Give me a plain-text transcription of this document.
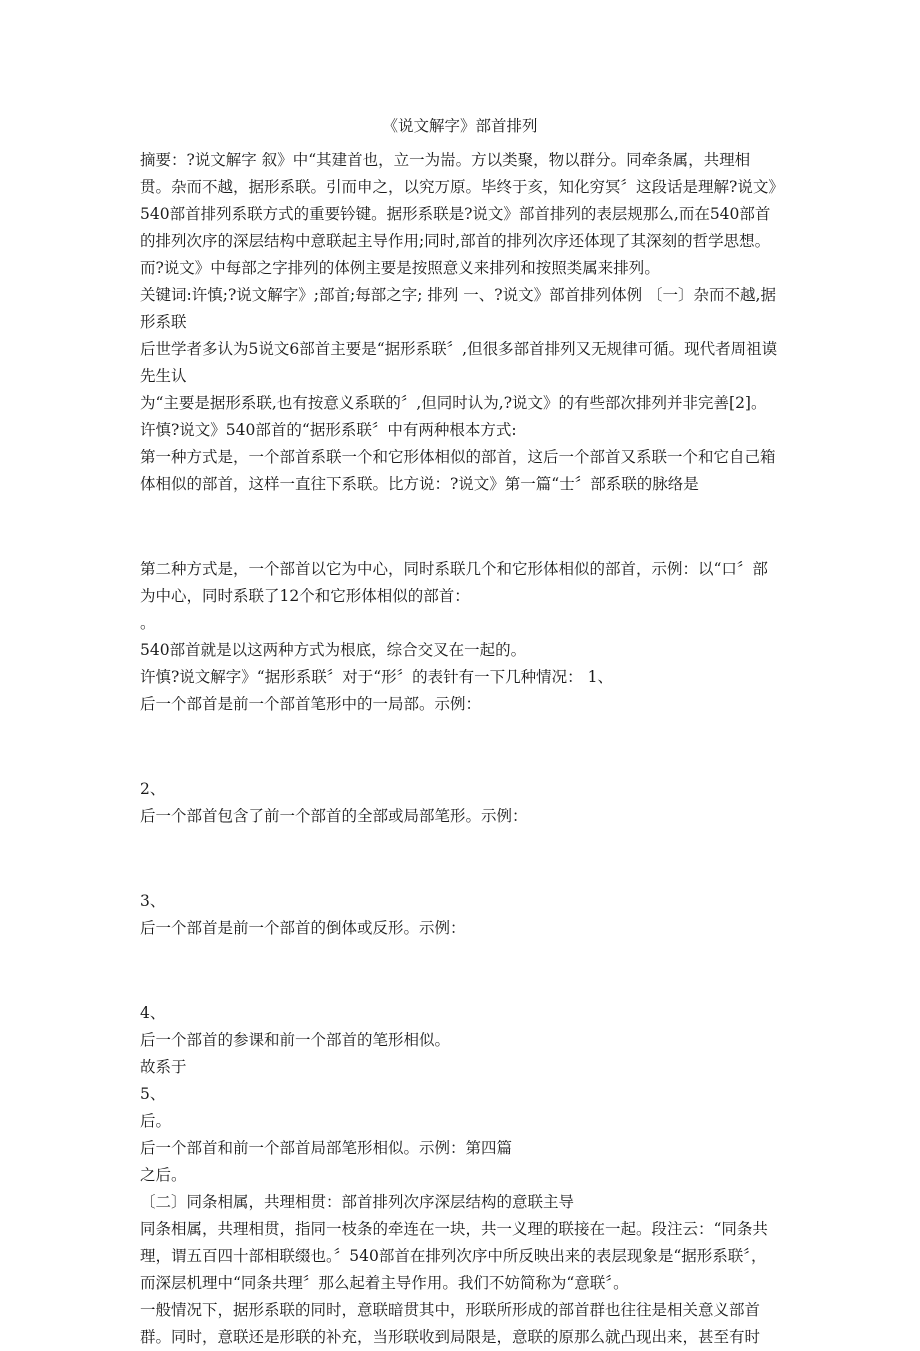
《说文解字》部首排列

摘要：?说文解字 叙》中“其建首也，立一为耑。方以类聚，物以群分。同牵条属，共理相贯。杂而不越，据形系联。引而申之，以究万原。毕终于亥，知化穷冥〞这段话是理解?说文》540部首排列系联方式的重要钤键。据形系联是?说文》部首排列的表层规那么,而在540部首的排列次序的深层结构中意联起主导作用;同时,部首的排列次序还体现了其深刻的哲学思想。而?说文》中每部之字排列的体例主要是按照意义来排列和按照类属来排列。

关键词:许慎;?说文解字》;部首;每部之字; 排列 一、?说文》部首排列体例 〔一〕杂而不越,据形系联

后世学者多认为5说文6部首主要是“据形系联〞,但很多部首排列又无规律可循。现代者周祖谟先生认

为“主要是据形系联,也有按意义系联的〞,但同时认为,?说文》的有些部次排列并非完善[2]。

许慎?说文》540部首的“据形系联〞中有两种根本方式:

第一种方式是，一个部首系联一个和它形体相似的部首，这后一个部首又系联一个和它自己箱体相似的部首，这样一直往下系联。比方说：?说文》第一篇“士〞部系联的脉络是

第二种方式是，一个部首以它为中心，同时系联几个和它形体相似的部首，示例：以“口〞部为中心，同时系联了12个和它形体相似的部首：

。

540部首就是以这两种方式为根底，综合交叉在一起的。

许慎?说文解字》“据形系联〞对于“形〞的表针有一下几种情况： 1、

后一个部首是前一个部首笔形中的一局部。示例：

2、

后一个部首包含了前一个部首的全部或局部笔形。示例：

3、

后一个部首是前一个部首的倒体或反形。示例：

4、

后一个部首的参课和前一个部首的笔形相似。

故系于

5、

后。

后一个部首和前一个部首局部笔形相似。示例：第四篇

之后。

〔二〕同条相属，共理相贯：部首排列次序深层结构的意联主导

同条相属，共理相贯，指同一枝条的牵连在一块，共一义理的联接在一起。段注云：“同条共理，谓五百四十部相联缀也。〞540部首在排列次序中所反映出来的表层现象是“据形系联〞，而深层机理中“同条共理〞那么起着主导作用。我们不妨简称为“意联〞。

一般情况下，据形系联的同时，意联暗贯其中，形联所形成的部首群也往往是相关意义部首群。同时，意联还是形联的补充，当形联收到局限是，意联的原那么就凸现出来，甚至有时
